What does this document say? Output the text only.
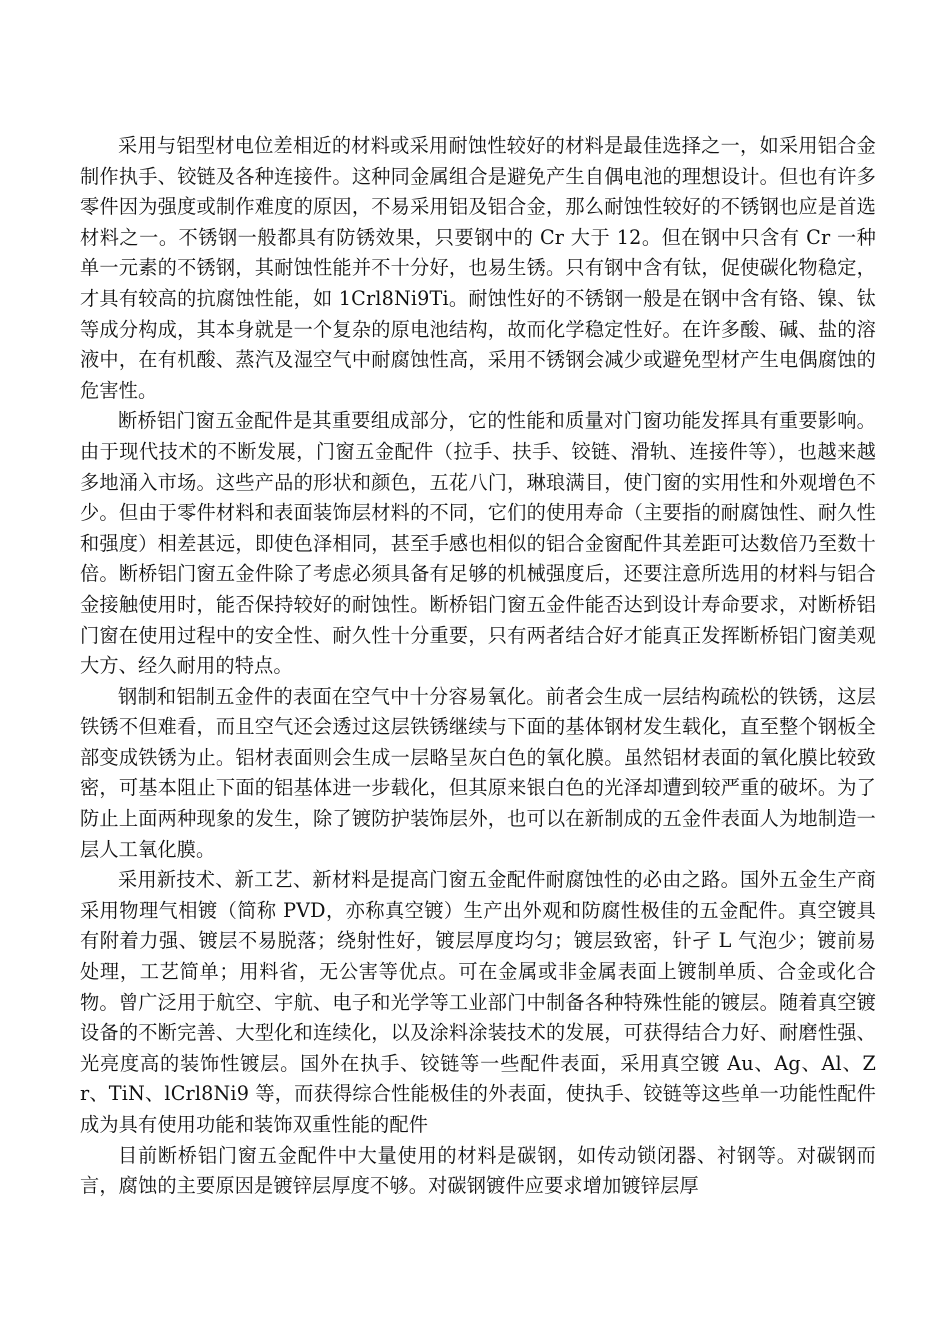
采用与铝型材电位差相近的材料或采用耐蚀性较好的材料是最佳选择之一，如采用铝合金制作执手、铰链及各种连接件。这种同金属组合是避免产生自偶电池的理想设计。但也有许多零件因为强度或制作难度的原因，不易采用铝及铝合金，那么耐蚀性较好的不锈钢也应是首选材料之一。不锈钢一般都具有防锈效果，只要钢中的 Cr 大于 12。但在钢中只含有 Cr 一种单一元素的不锈钢，其耐蚀性能并不十分好，也易生锈。只有钢中含有钛，促使碳化物稳定，才具有较高的抗腐蚀性能，如 1Crl8Ni9Ti。耐蚀性好的不锈钢一般是在钢中含有铬、镍、钛等成分构成，其本身就是一个复杂的原电池结构，故而化学稳定性好。在许多酸、碱、盐的溶液中，在有机酸、蒸汽及湿空气中耐腐蚀性高，采用不锈钢会减少或避免型材产生电偶腐蚀的危害性。

断桥铝门窗五金配件是其重要组成部分，它的性能和质量对门窗功能发挥具有重要影响。由于现代技术的不断发展，门窗五金配件（拉手、扶手、铰链、滑轨、连接件等），也越来越多地涌入市场。这些产品的形状和颜色，五花八门，琳琅满目，使门窗的实用性和外观增色不少。但由于零件材料和表面装饰层材料的不同，它们的使用寿命（主要指的耐腐蚀性、耐久性和强度）相差甚远，即使色泽相同，甚至手感也相似的铝合金窗配件其差距可达数倍乃至数十倍。断桥铝门窗五金件除了考虑必须具备有足够的机械强度后，还要注意所选用的材料与铝合金接触使用时，能否保持较好的耐蚀性。断桥铝门窗五金件能否达到设计寿命要求，对断桥铝门窗在使用过程中的安全性、耐久性十分重要，只有两者结合好才能真正发挥断桥铝门窗美观大方、经久耐用的特点。

钢制和铝制五金件的表面在空气中十分容易氧化。前者会生成一层结构疏松的铁锈，这层铁锈不但难看，而且空气还会透过这层铁锈继续与下面的基体钢材发生载化，直至整个钢板全部变成铁锈为止。铝材表面则会生成一层略呈灰白色的氧化膜。虽然铝材表面的氧化膜比较致密，可基本阻止下面的铝基体进一步载化，但其原来银白色的光泽却遭到较严重的破坏。为了防止上面两种现象的发生，除了镀防护装饰层外，也可以在新制成的五金件表面人为地制造一层人工氧化膜。

采用新技术、新工艺、新材料是提高门窗五金配件耐腐蚀性的必由之路。国外五金生产商采用物理气相镀（简称 PVD，亦称真空镀）生产出外观和防腐性极佳的五金配件。真空镀具有附着力强、镀层不易脱落；绕射性好，镀层厚度均匀；镀层致密，针孑 L 气泡少；镀前易处理，工艺简单；用料省，无公害等优点。可在金属或非金属表面上镀制单质、合金或化合物。曾广泛用于航空、宇航、电子和光学等工业部门中制备各种特殊性能的镀层。随着真空镀设备的不断完善、大型化和连续化，以及涂料涂装技术的发展，可获得结合力好、耐磨性强、光亮度高的装饰性镀层。国外在执手、铰链等一些配件表面，采用真空镀 Au、Ag、Al、Zr、TiN、lCrl8Ni9 等，而获得综合性能极佳的外表面，使执手、铰链等这些单一功能性配件成为具有使用功能和装饰双重性能的配件

目前断桥铝门窗五金配件中大量使用的材料是碳钢，如传动锁闭器、衬钢等。对碳钢而言，腐蚀的主要原因是镀锌层厚度不够。对碳钢镀件应要求增加镀锌层厚
